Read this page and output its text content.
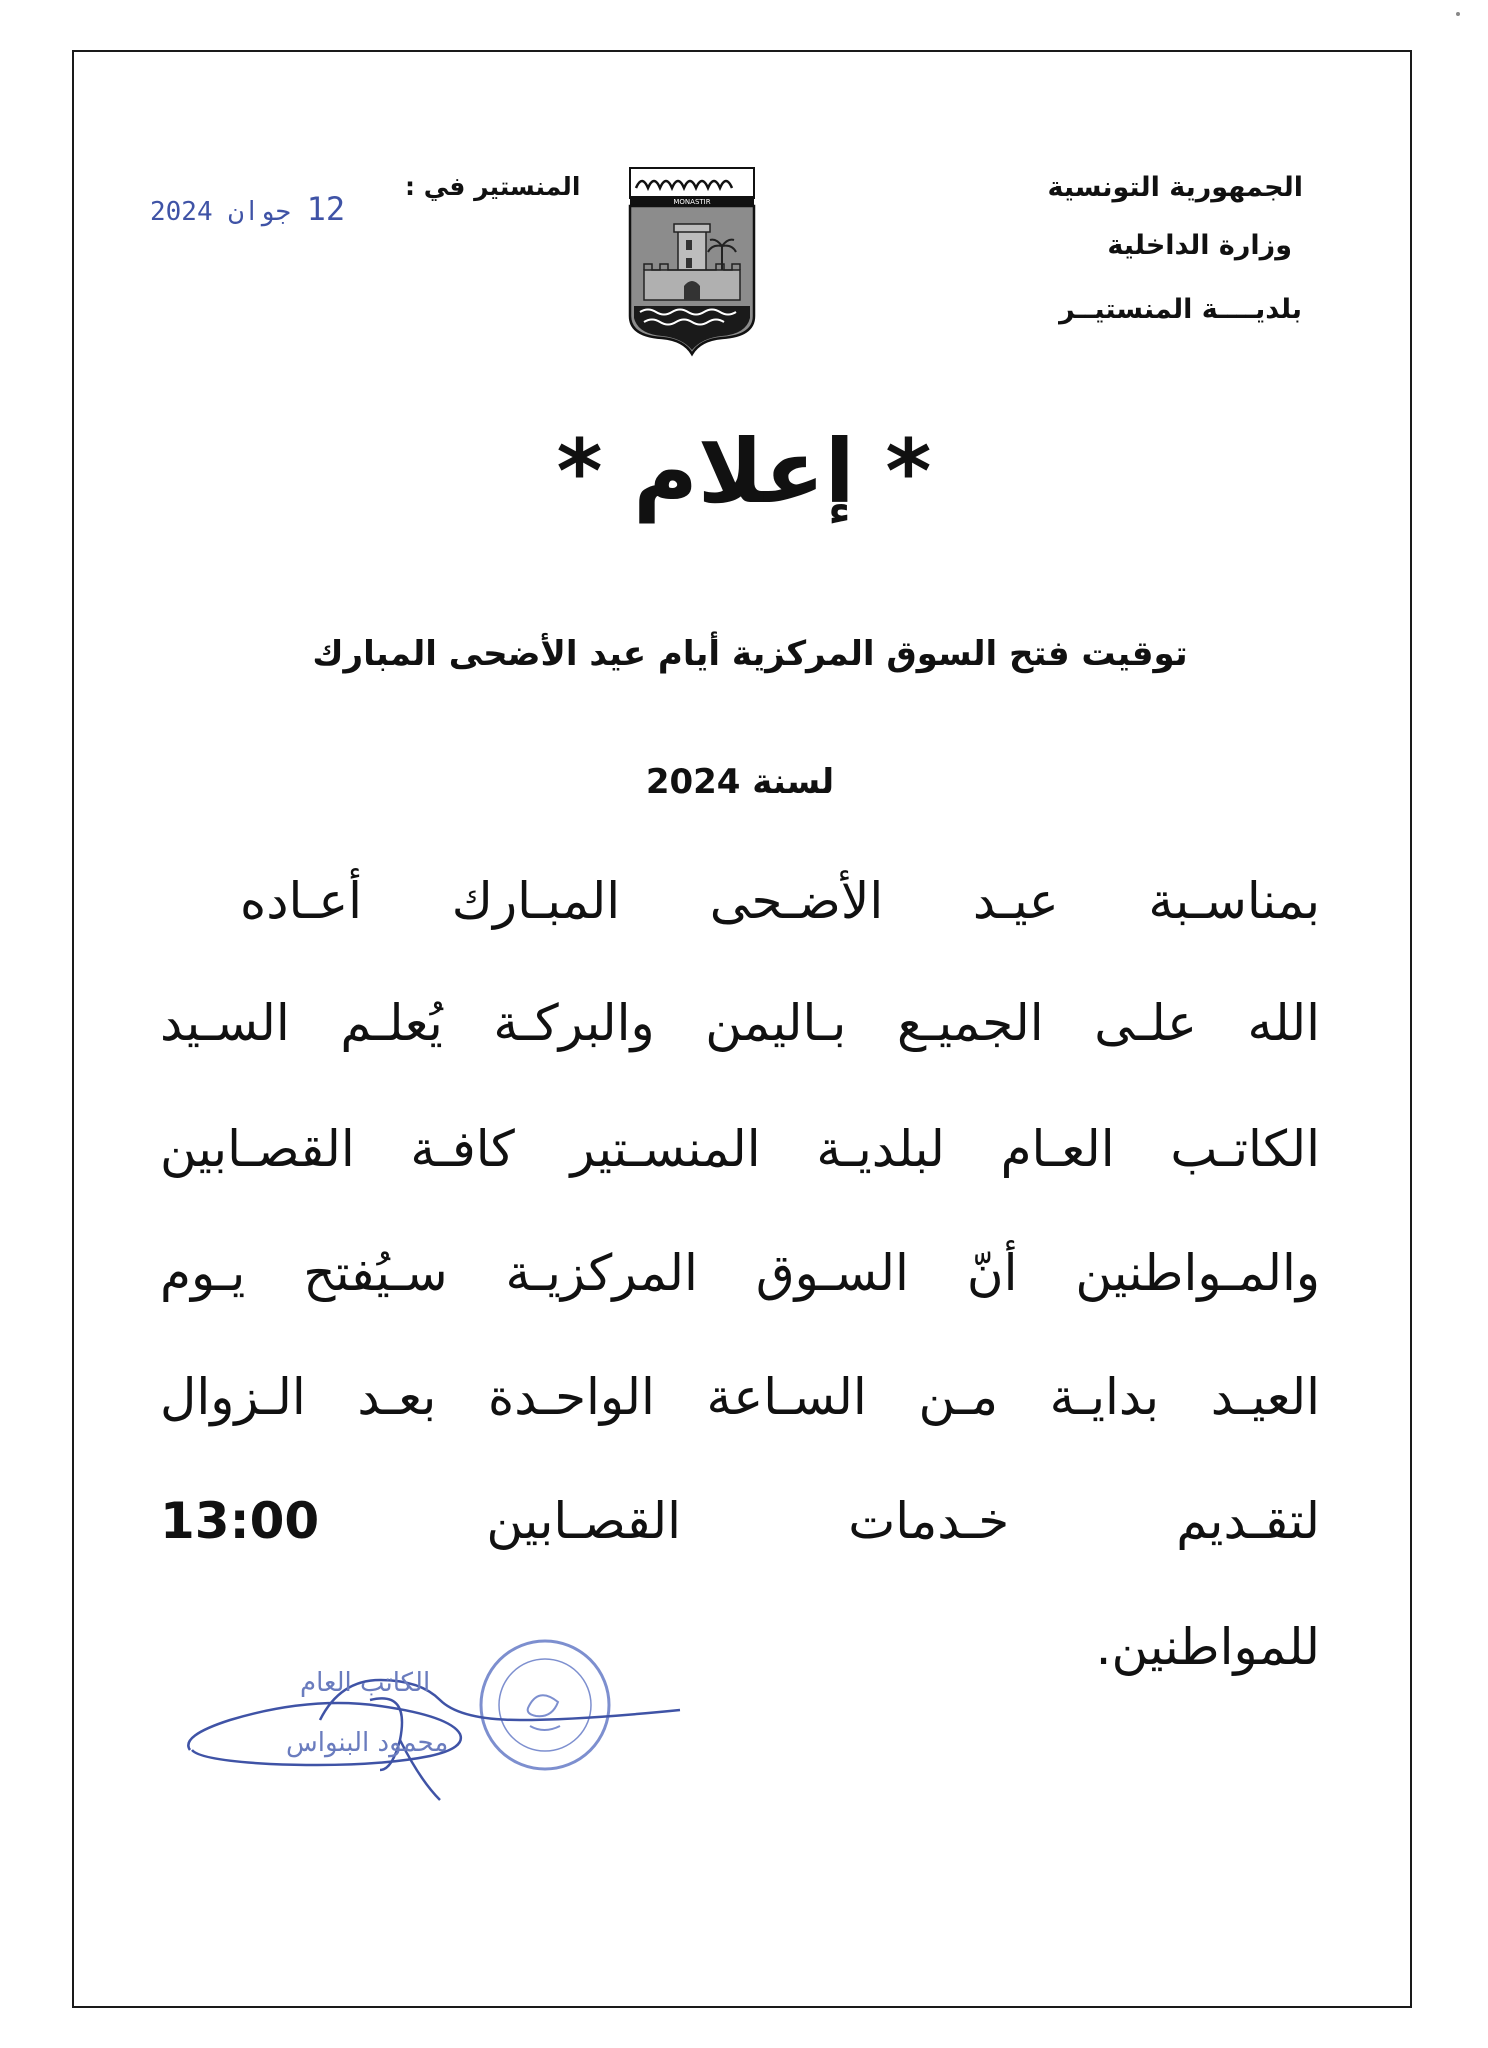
الجمهورية التونسية
وزارة الداخلية
بلديــــة المنستيــر
المنستير في :
جوان 2024 12	MONASTIR
* إعلام *
توقيت فتح السوق المركزية أيام عيد الأضحى المبارك
لسنة 2024
بمناسـبة عيـد الأضـحى المبـارك أعـاده
الله علـى الجميـع بـاليمن والبركـة يُعلـم السـيد
الكاتـب العـام لبلديـة المنسـتير كافـة القصـابين
والمـواطنين أنّ السـوق المركزيـة سـيُفتح يـوم
العيـد بدايـة مـن السـاعة الواحـدة بعـد الـزوال
لتقـديم خـدمات القصـابين 13:00
للمواطنين.
الكاتب العام
محمود البنواس
